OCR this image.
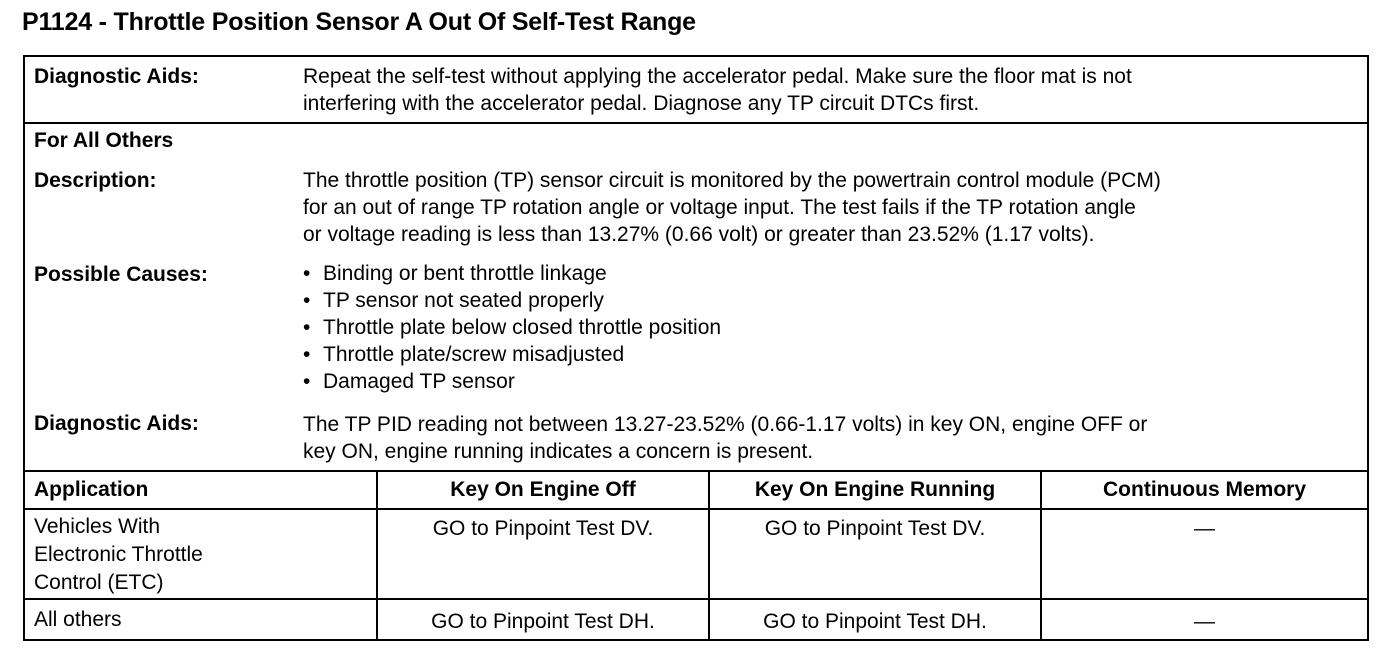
P1124 - Throttle Position Sensor A Out Of Self-Test Range
Diagnostic Aids:	Repeat the self-test without applying the accelerator pedal. Make sure the floor mat is not
interfering with the accelerator pedal. Diagnose any TP circuit DTCs first.
For All Others
Description:	The throttle position (TP) sensor circuit is monitored by the powertrain control module (PCM)
for an out of range TP rotation angle or voltage input. The test fails if the TP rotation angle
or voltage reading is less than 13.27% (0.66 volt) or greater than 23.52% (1.17 volts).
Possible Causes:	• Binding or bent throttle linkage
• TP sensor not seated properly
• Throttle plate below closed throttle position
• Throttle plate/screw misadjusted
• Damaged TP sensor
Diagnostic Aids:	The TP PID reading not between 13.27-23.52% (0.66-1.17 volts) in key ON, engine OFF or
key ON, engine running indicates a concern is present.
Application	Key On Engine Off	Key On Engine Running	Continuous Memory
Vehicles With
Electronic Throttle
Control (ETC)
GO to Pinpoint Test DV.	GO to Pinpoint Test DV.	—
All others	GO to Pinpoint Test DH.	GO to Pinpoint Test DH.	—
